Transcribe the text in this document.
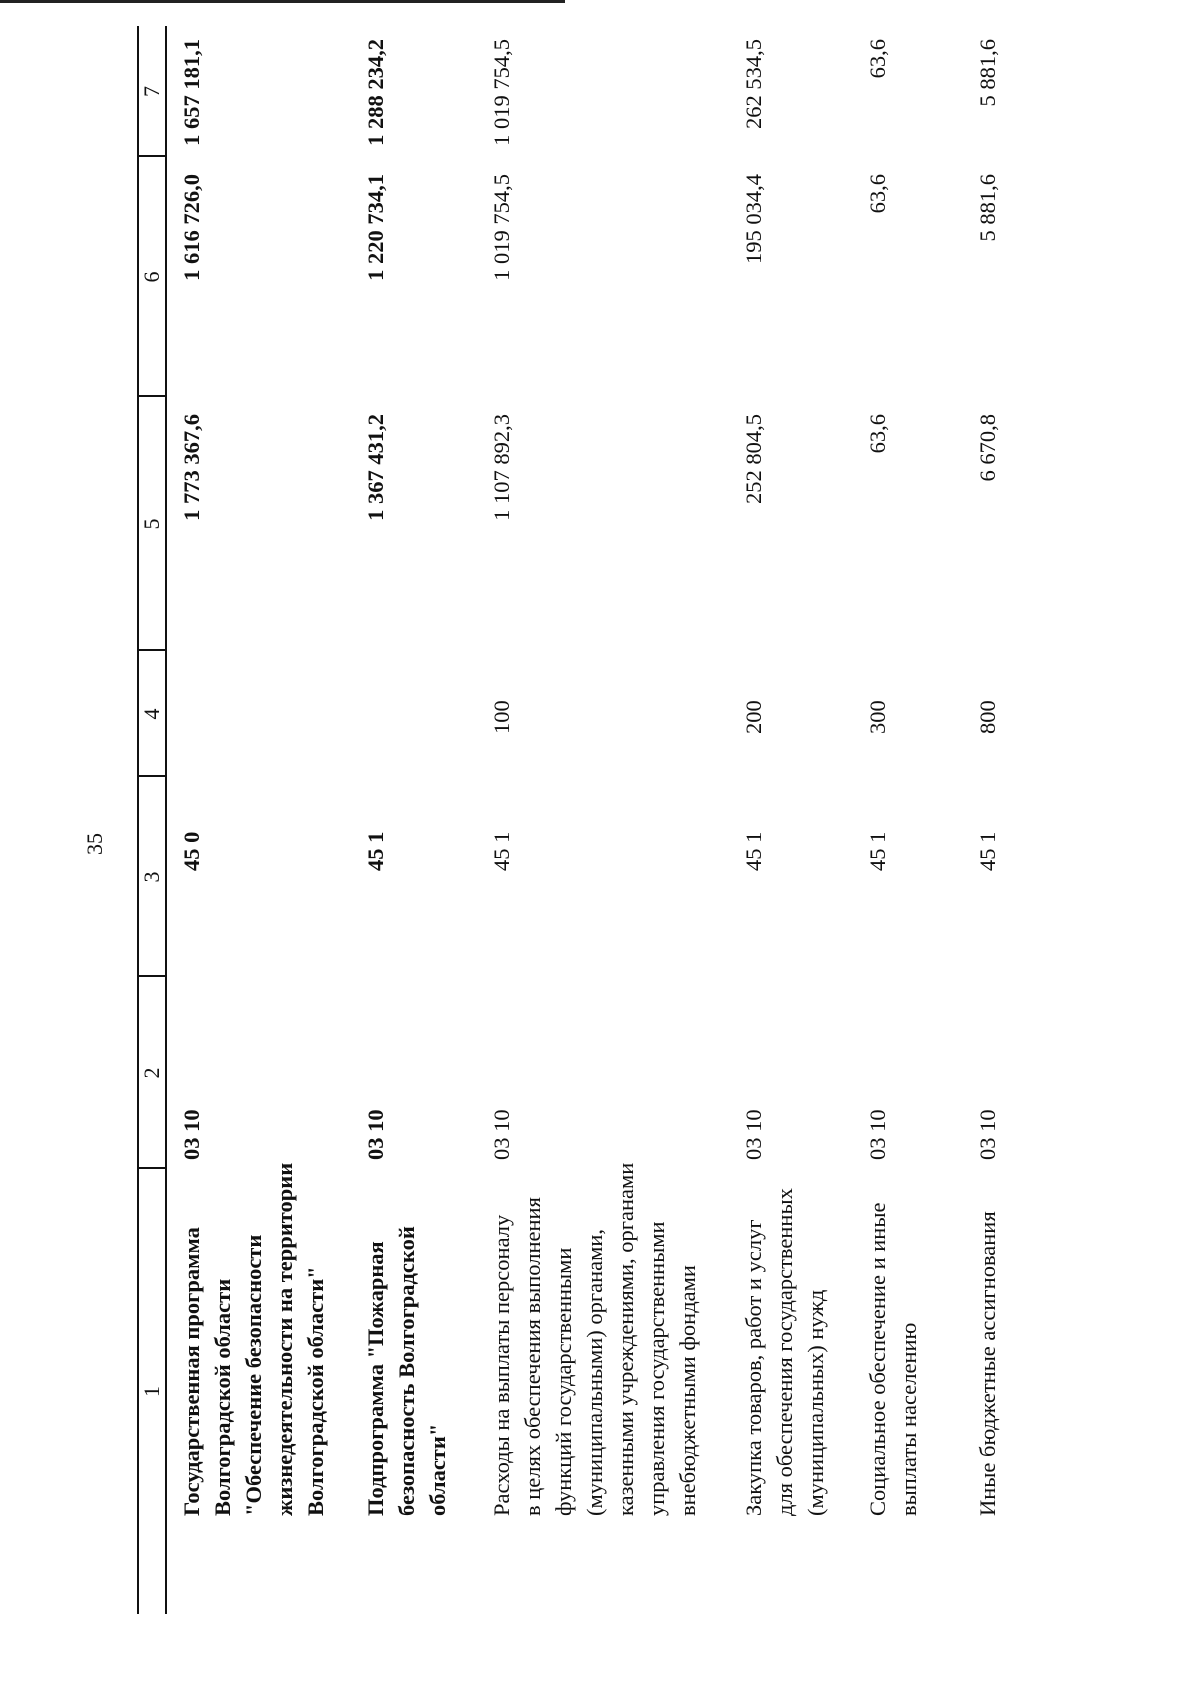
35
1
2
3
4
5
6
7
Государственная программа Волгоградской области "Обеспечение безопасности жизнедеятельности на территории Волгоградской области"
03 10
45 0
1 773 367,6
1 616 726,0
1 657 181,1
Подпрограмма "Пожарная безопасность Волгоградской области"
03 10
45 1
1 367 431,2
1 220 734,1
1 288 234,2
Расходы на выплаты персоналу в целях обеспечения выполнения функций государственными (муниципальными) органами, казенными учреждениями, органами управления государственными внебюджетными фондами
03 10
45 1
100
1 107 892,3
1 019 754,5
1 019 754,5
Закупка товаров, работ и услуг для обеспечения государственных (муниципальных) нужд
03 10
45 1
200
252 804,5
195 034,4
262 534,5
Социальное обеспечение и иные выплаты населению
03 10
45 1
300
63,6
63,6
63,6
Иные бюджетные ассигнования
03 10
45 1
800
6 670,8
5 881,6
5 881,6
